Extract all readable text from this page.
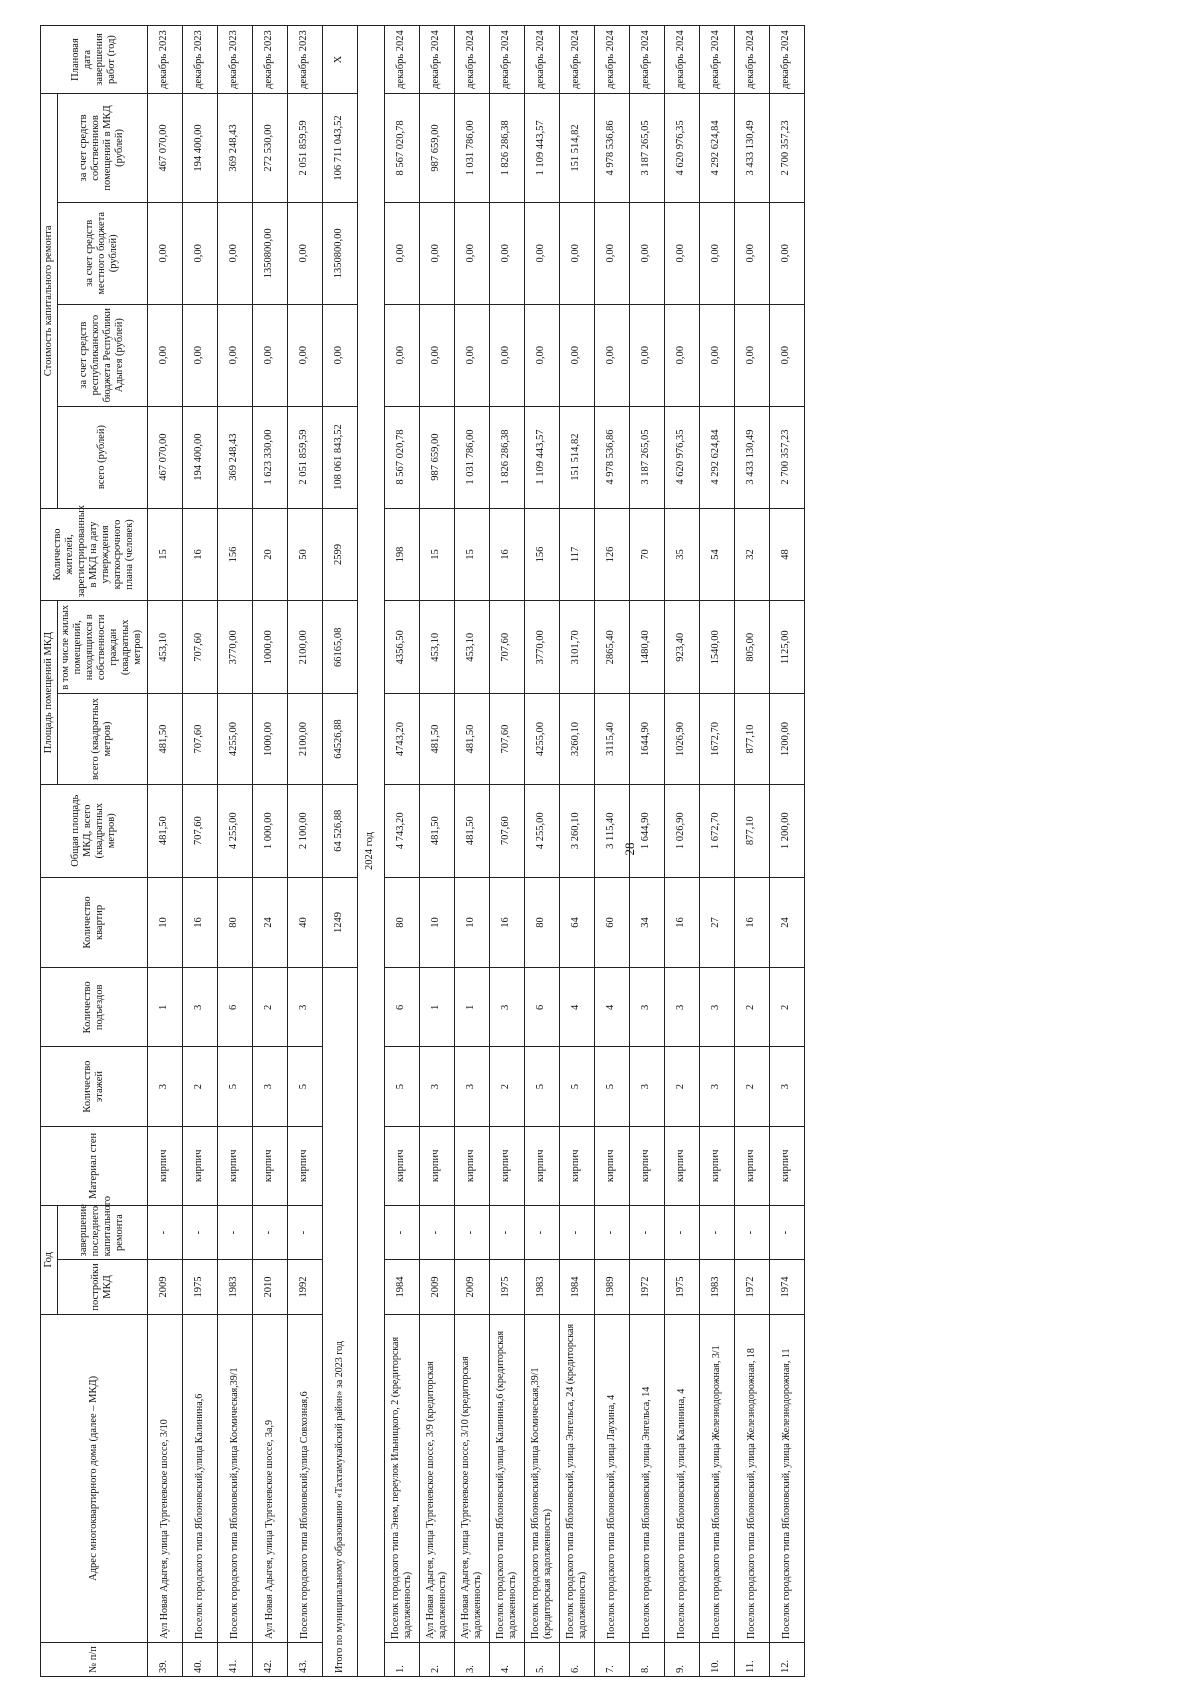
28
№ п/п	Адрес многоквартирного дома (далее – МКД)	Год		Материал стен	Количество этажей	Количество подъездов	Количество квартир	Общая площадь МКД, всего (квадратных метров)	Площадь помещений МКД		Количество жителей, зарегистрированных в МКД на дату утверждения краткосрочного плана (человек)	Стоимость капитального ремонта				Плановая дата завершения работ (год)
		постройки МКД	завершение последнего капитального ремонта						всего (квадратных метров)	в том числе жилых помещений, находящихся в собственности граждан (квадратных метров)		всего (рублей)	за счет средств республиканского бюджета Республики Адыгея (рублей)	за счет средств местного бюджета (рублей)	за счет средств собственников помещений в МКД (рублей)	
39.	Аул Новая Адыгея, улица Тургеневское шоссе, 3/10	2009	-	кирпич	3	1	10	481,50	481,50	453,10	15	467 070,00	0,00	0,00	467 070,00	декабрь 2023
40.	Поселок городского типа Яблоновский,улица Калинина,6	1975	-	кирпич	2	3	16	707,60	707,60	707,60	16	194 400,00	0,00	0,00	194 400,00	декабрь 2023
41.	Поселок городского типа Яблоновский,улица Космическая,39/1	1983	-	кирпич	5	6	80	4 255,00	4255,00	3770,00	156	369 248,43	0,00	0,00	369 248,43	декабрь 2023
42.	Аул Новая Адыгея, улица Тургеневское шоссе, 3а,9	2010	-	кирпич	3	2	24	1 000,00	1000,00	1000,00	20	1 623 330,00	0,00	1350800,00	272 530,00	декабрь 2023
43.	Поселок городского типа Яблоновский,улица Совхозная,6	1992	-	кирпич	5	3	40	2 100,00	2100,00	2100,00	50	2 051 859,59	0,00	0,00	2 051 859,59	декабрь 2023
Итого по муниципальному образованию «Тахтамукайский район» за 2023 год							1249	64 526,88	64526,88	66165,08	2599	108 061 843,52	0,00	1350800,00	106 711 043,52	Х
2024 год																
1.	Поселок городского типа Энем, переулок Ильницкого, 2 (кредиторская задолженность)	1984	-	кирпич	5	6	80	4 743,20	4743,20	4356,50	198	8 567 020,78	0,00	0,00	8 567 020,78	декабрь 2024
2.	Аул Новая Адыгея, улица Тургеневское шоссе, 3/9 (кредиторская задолженность)	2009	-	кирпич	3	1	10	481,50	481,50	453,10	15	987 659,00	0,00	0,00	987 659,00	декабрь 2024
3.	Аул Новая Адыгея, улица Тургеневское шоссе, 3/10 (кредиторская задолженность)	2009	-	кирпич	3	1	10	481,50	481,50	453,10	15	1 031 786,00	0,00	0,00	1 031 786,00	декабрь 2024
4.	Поселок городского типа Яблоновский,улица Калинина,6 (кредиторская задолженность)	1975	-	кирпич	2	3	16	707,60	707,60	707,60	16	1 826 286,38	0,00	0,00	1 826 286,38	декабрь 2024
5.	Поселок городского типа Яблоновский,улица Космическая,39/1 (кредиторская задолженность)	1983	-	кирпич	5	6	80	4 255,00	4255,00	3770,00	156	1 109 443,57	0,00	0,00	1 109 443,57	декабрь 2024
6.	Поселок городского типа Яблоновский, улица Энгельса, 24 (кредиторская задолженность)	1984	-	кирпич	5	4	64	3 260,10	3260,10	3101,70	117	151 514,82	0,00	0,00	151 514,82	декабрь 2024
7.	Поселок городского типа Яблоновский, улица Лаухина, 4	1989	-	кирпич	5	4	60	3 115,40	3115,40	2865,40	126	4 978 536,86	0,00	0,00	4 978 536,86	декабрь 2024
8.	Поселок городского типа Яблоновский, улица Энгельса, 14	1972	-	кирпич	3	3	34	1 644,90	1644,90	1480,40	70	3 187 265,05	0,00	0,00	3 187 265,05	декабрь 2024
9.	Поселок городского типа Яблоновский, улица Калинина, 4	1975	-	кирпич	2	3	16	1 026,90	1026,90	923,40	35	4 620 976,35	0,00	0,00	4 620 976,35	декабрь 2024
10.	Поселок городского типа Яблоновский, улица Железнодорожная, 3/1	1983	-	кирпич	3	3	27	1 672,70	1672,70	1540,00	54	4 292 624,84	0,00	0,00	4 292 624,84	декабрь 2024
11.	Поселок городского типа Яблоновский, улица Железнодорожная, 18	1972	-	кирпич	2	2	16	877,10	877,10	805,00	32	3 433 130,49	0,00	0,00	3 433 130,49	декабрь 2024
12.	Поселок городского типа Яблоновский, улица Железнодорожная, 11	1974	-	кирпич	3	2	24	1 200,00	1200,00	1125,00	48	2 700 357,23	0,00	0,00	2 700 357,23	декабрь 2024
